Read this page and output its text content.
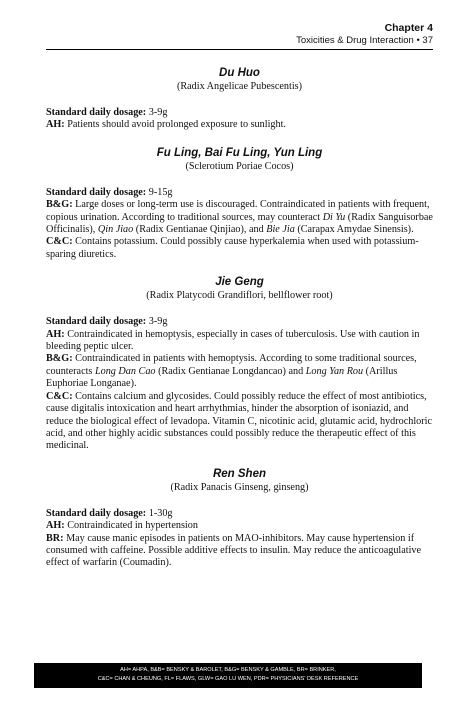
Chapter 4
Toxicities & Drug Interaction • 37
Du Huo
(Radix Angelicae Pubescentis)

Standard daily dosage: 3-9g

AH: Patients should avoid prolonged exposure to sunlight.

Fu Ling, Bai Fu Ling, Yun Ling
(Sclerotium Poriae Cocos)

Standard daily dosage: 9-15g

B&G: Large doses or long-term use is discouraged. Contraindicated in patients with frequent, copious urination. According to traditional sources, may counteract Di Yu (Radix Sanguisorbae Officinalis), Qin Jiao (Radix Gentianae Qinjiao), and Bie Jia (Carapax Amydae Sinensis).

C&C: Contains potassium. Could possibly cause hyperkalemia when used with potassium-sparing diuretics.

Jie Geng
(Radix Platycodi Grandiflori, bellflower root)

Standard daily dosage: 3-9g

AH: Contraindicated in hemoptysis, especially in cases of tuberculosis. Use with caution in bleeding peptic ulcer.

B&G: Contraindicated in patients with hemoptysis. According to some traditional sources, counteracts Long Dan Cao (Radix Gentianae Longdancao) and Long Yan Rou (Arillus Euphoriae Longanae).

C&C: Contains calcium and glycosides. Could possibly reduce the effect of most antibiotics, cause digitalis intoxication and heart arrhythmias, hinder the absorption of isoniazid, and reduce the biological effect of levadopa. Vitamin C, nicotinic acid, glutamic acid, hydrochloric acid, and other highly acidic substances could possibly reduce the therapeutic effect of this medicinal.

Ren Shen
(Radix Panacis Ginseng, ginseng)

Standard daily dosage: 1-30g

AH: Contraindicated in hypertension

BR: May cause manic episodes in patients on MAO-inhibitors. May cause hypertension if consumed with caffeine. Possible additive effects to insulin. May reduce the anticoagulative effect of warfarin (Coumadin).

AH= AHPA, B&B= BENSKY & BAROLET, B&G= BENSKY & GAMBLE, BR= BRINKER,
C&C= CHAN & CHEUNG, FL= FLAWS, GLW= GAO LU WEN, PDR= PHYSICIANS' DESK REFERENCE
